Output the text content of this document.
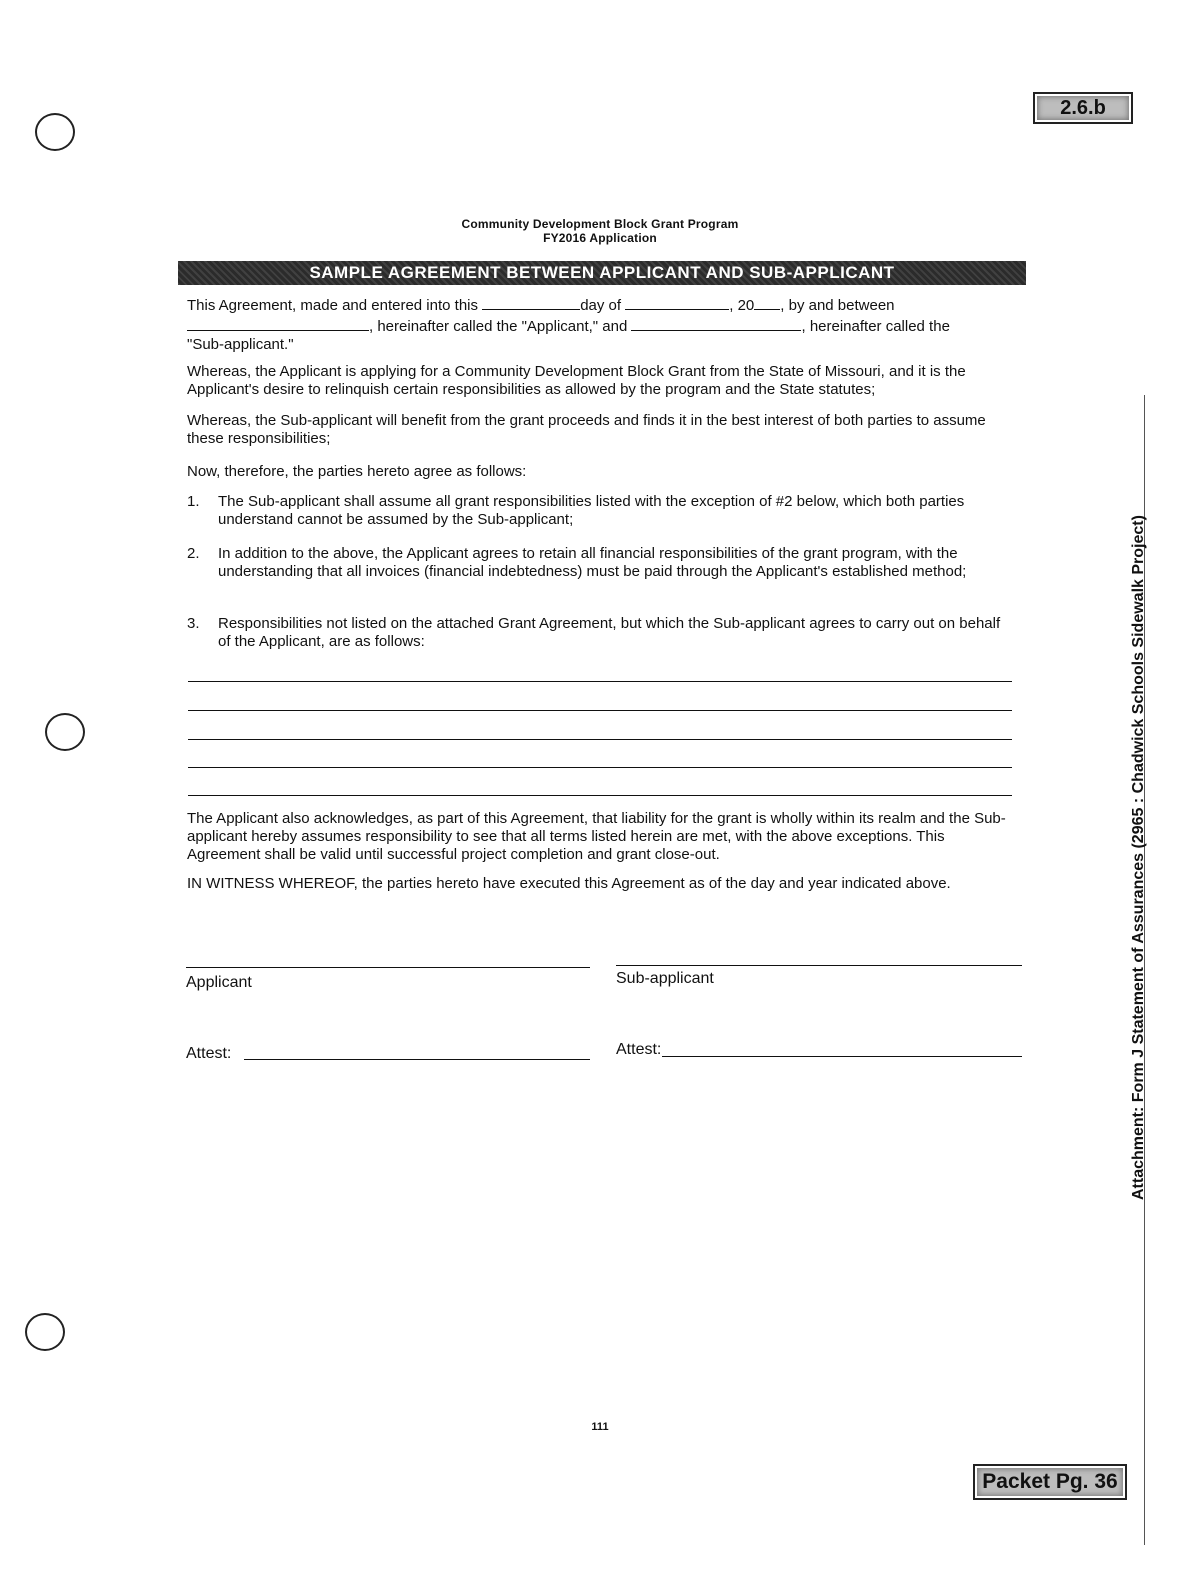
2.6.b
Community Development Block Grant Program
FY2016 Application
SAMPLE AGREEMENT BETWEEN APPLICANT AND SUB-APPLICANT
This Agreement, made and entered into this	day of	, 20 , by and between
, hereinafter called the "Applicant," and	, hereinafter called the
"Sub-applicant."
Whereas, the Applicant is applying for a Community Development Block Grant from the State of Missouri, and it is the Applicant's desire to relinquish certain responsibilities as allowed by the program and the State statutes;
Whereas, the Sub-applicant will benefit from the grant proceeds and finds it in the best interest of both parties to assume these responsibilities;
Now, therefore, the parties hereto agree as follows:
1. The Sub-applicant shall assume all grant responsibilities listed with the exception of #2 below, which both parties understand cannot be assumed by the Sub-applicant;
2. In addition to the above, the Applicant agrees to retain all financial responsibilities of the grant program, with the understanding that all invoices (financial indebtedness) must be paid through the Applicant's established method;
3. Responsibilities not listed on the attached Grant Agreement, but which the Sub-applicant agrees to carry out on behalf of the Applicant, are as follows:
The Applicant also acknowledges, as part of this Agreement, that liability for the grant is wholly within its realm and the Sub-applicant hereby assumes responsibility to see that all terms listed herein are met, with the above exceptions. This Agreement shall be valid until successful project completion and grant close-out.
IN WITNESS WHEREOF, the parties hereto have executed this Agreement as of the day and year indicated above.
Applicant	Sub-applicant
Attest:	Attest:	Attachment: Form J Statement of Assurances (2965 : Chadwick Schools Sidewalk Project)
111
Packet Pg. 36
